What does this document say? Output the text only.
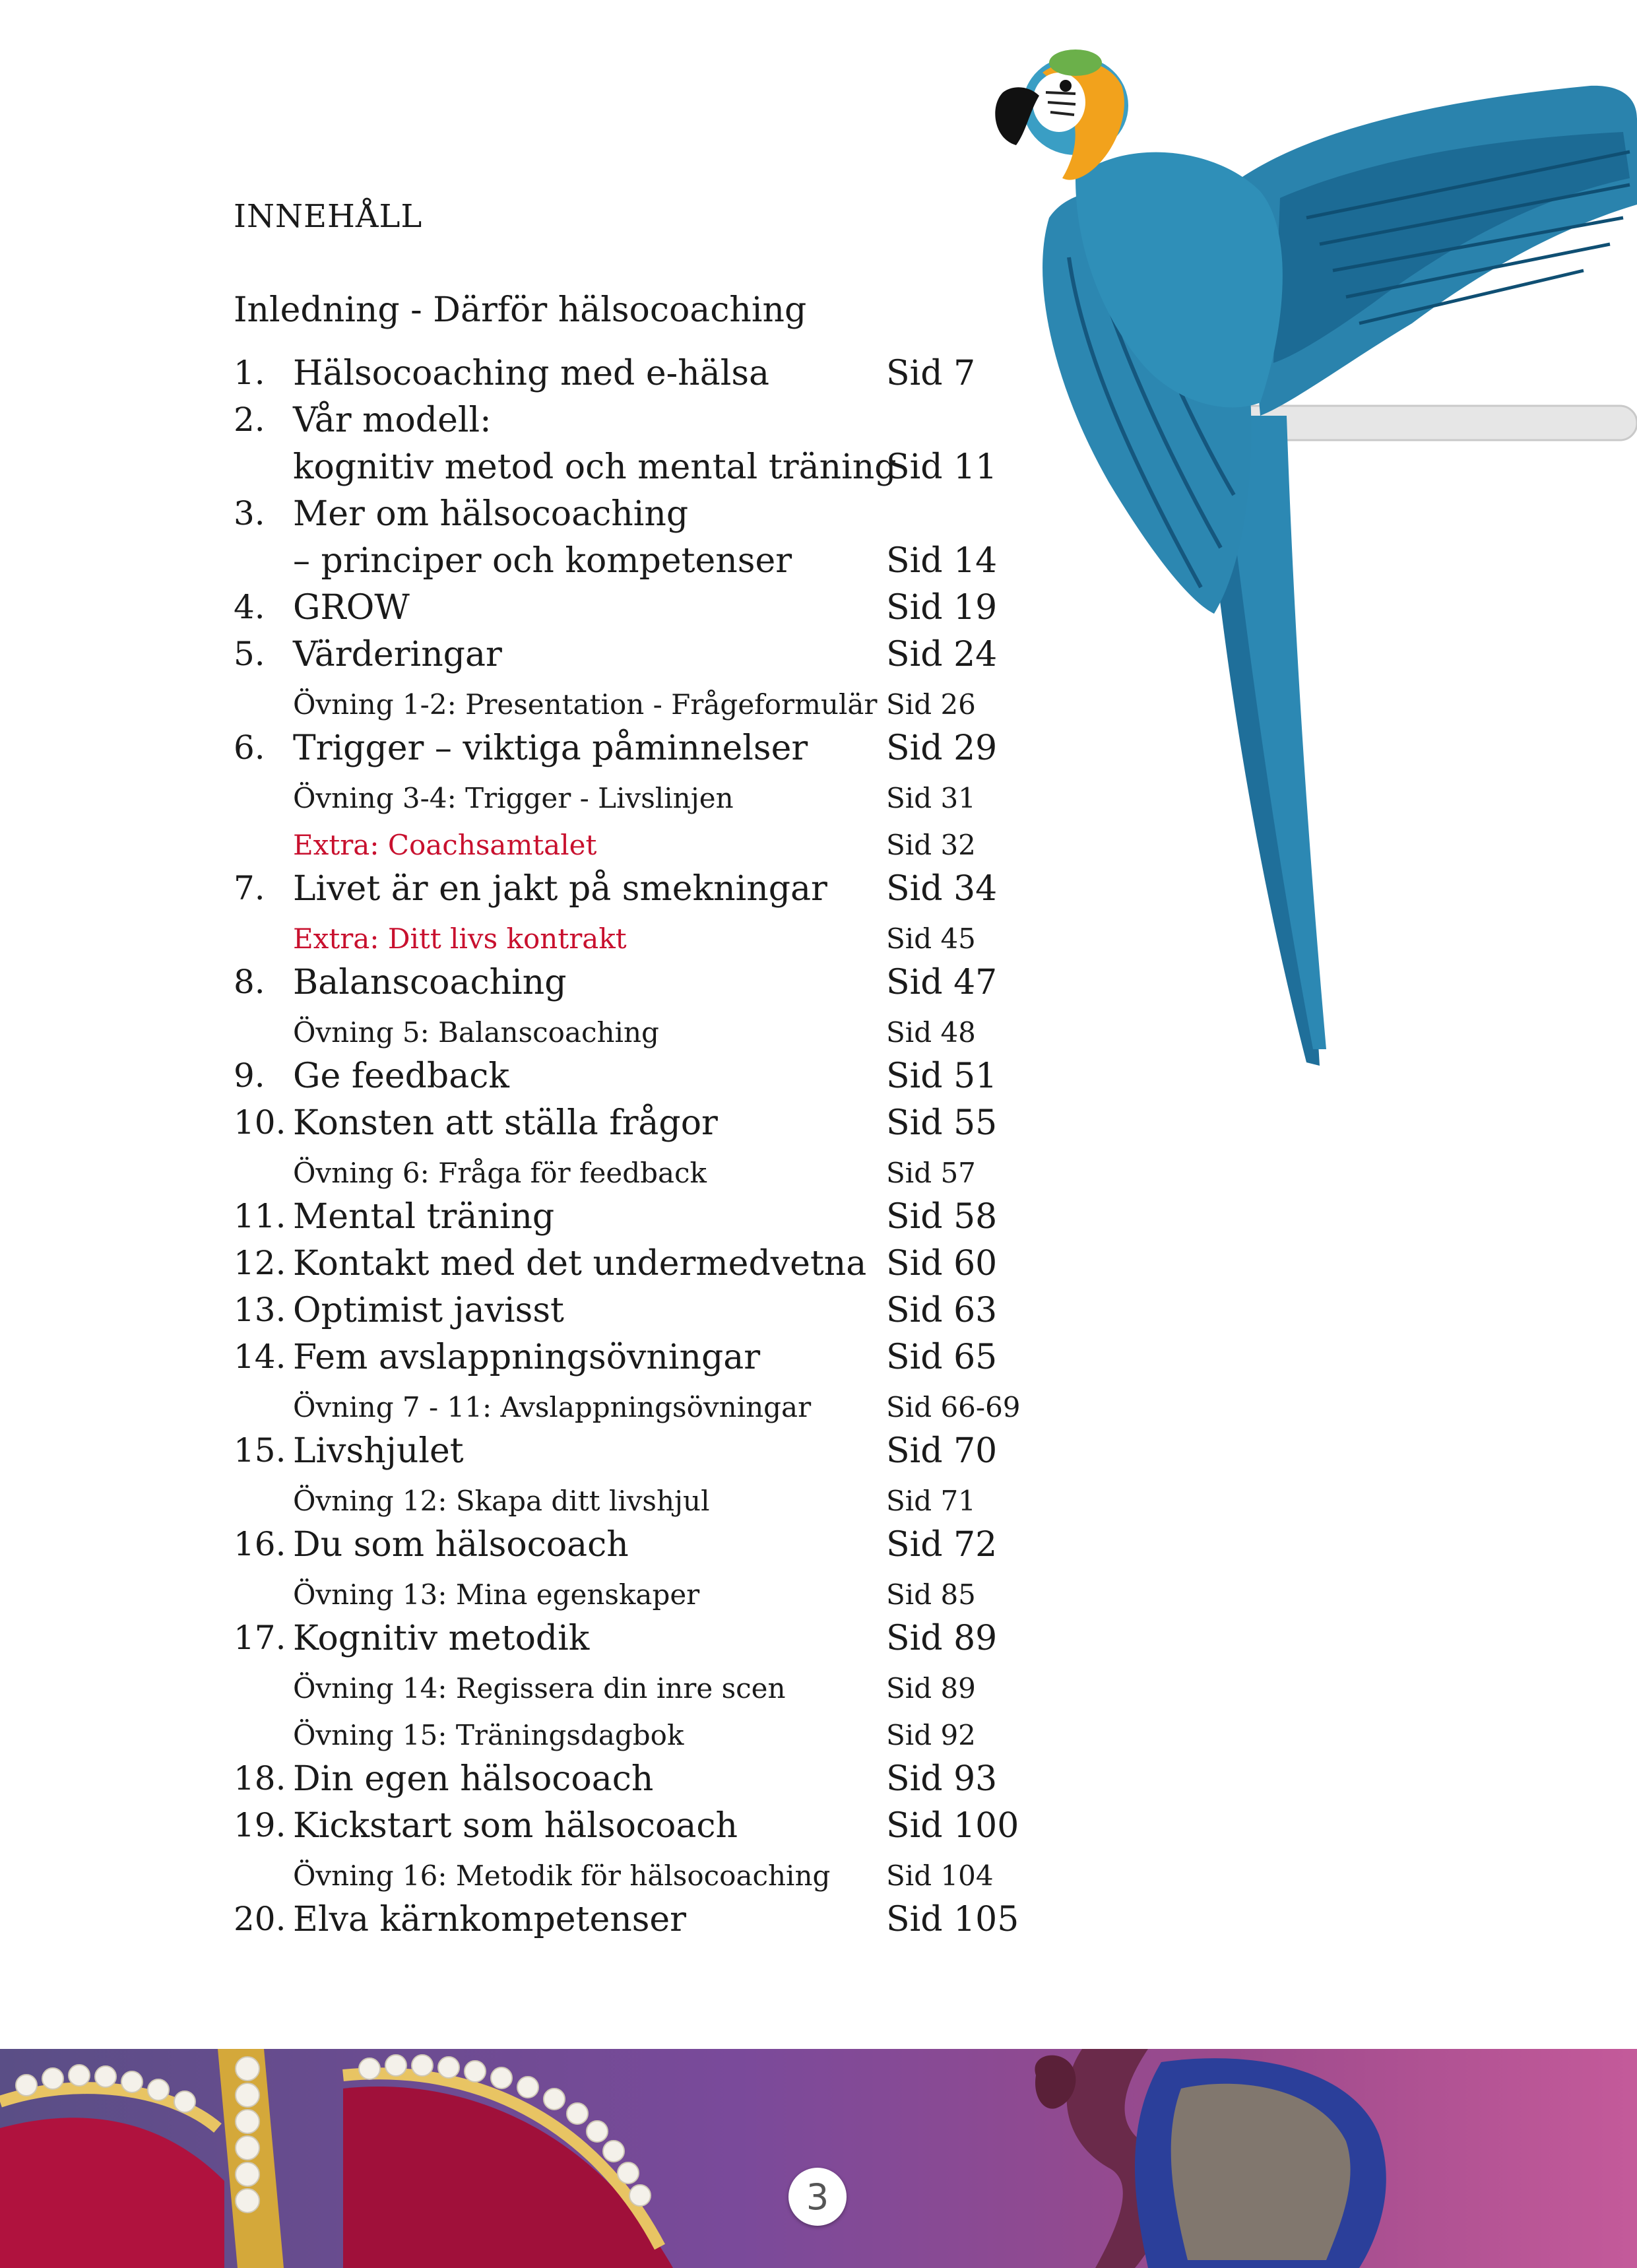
INNEHÅLL
Inledning - Därför hälsocoaching
1. Hälsocoaching med e-hälsa	Sid 7
2. Vår modell:
kognitiv metod och mental träning
Sid 11
3. Mer om hälsocoaching
– principer och kompetenser	Sid 14
4. GROW	Sid 19
5. Värderingar	Sid 24
Övning 1-2: Presentation - Frågeformulär Sid 26
6. Trigger – viktiga påminnelser Sid 29
Övning 3-4: Trigger - Livslinjen	Sid 31
Extra: Coachsamtalet	Sid 32
7. Livet är en jakt på smekningar Sid 34
Extra: Ditt livs kontrakt	Sid 45
8. Balanscoaching	Sid 47
Övning 5: Balanscoaching	Sid 48
9. Ge feedback	Sid 51
10. Konsten att ställa frågor	Sid 55
Övning 6: Fråga för feedback	Sid 57
11. Mental träning	Sid 58
12. Kontakt med det undermedvetna Sid 60
13. Optimist javisst	Sid 63
14. Fem avslappningsövningar	Sid 65
Övning 7 - 11: Avslappningsövningar	Sid 66-69
15. Livshjulet	Sid 70
Övning 12: Skapa ditt livshjul	Sid 71
16. Du som hälsocoach	Sid 72
Övning 13: Mina egenskaper	Sid 85
17. Kognitiv metodik	Sid 89
Övning 14: Regissera din inre scen	Sid 89
Övning 15: Träningsdagbok	Sid 92
18. Din egen hälsocoach	Sid 93
19. Kickstart som hälsocoach	Sid 100
Övning 16: Metodik för hälsocoaching Sid 104
20. Elva kärnkompetenser	Sid 105
3
